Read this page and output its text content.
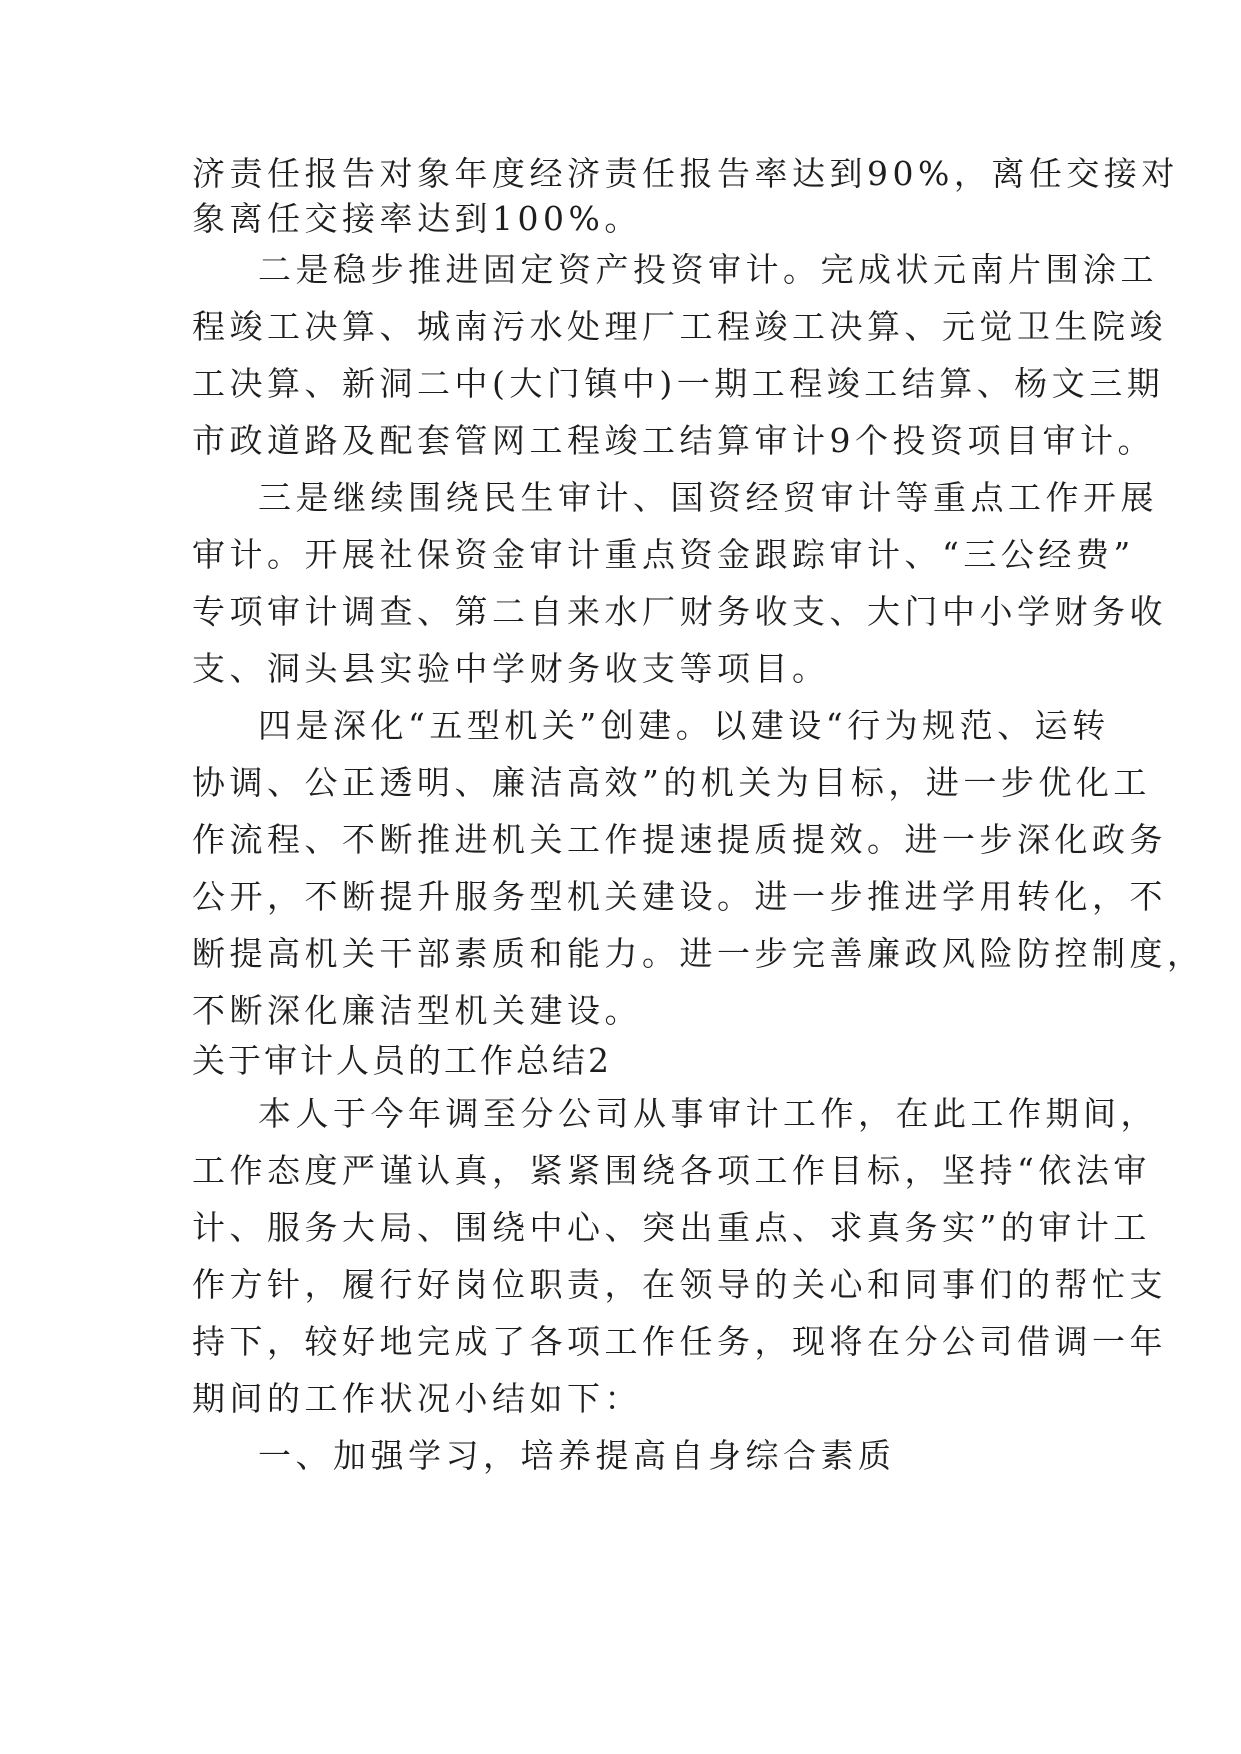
济责任报告对象年度经济责任报告率达到90%，离任交接对

象离任交接率达到100%。

二是稳步推进固定资产投资审计。完成状元南片围涂工

程竣工决算、城南污水处理厂工程竣工决算、元觉卫生院竣

工决算、新洞二中(大门镇中)一期工程竣工结算、杨文三期

市政道路及配套管网工程竣工结算审计9个投资项目审计。

三是继续围绕民生审计、国资经贸审计等重点工作开展

审计。开展社保资金审计重点资金跟踪审计、“三公经费”

专项审计调查、第二自来水厂财务收支、大门中小学财务收

支、洞头县实验中学财务收支等项目。

四是深化“五型机关”创建。以建设“行为规范、运转

协调、公正透明、廉洁高效”的机关为目标，进一步优化工

作流程、不断推进机关工作提速提质提效。进一步深化政务

公开，不断提升服务型机关建设。进一步推进学用转化，不

断提高机关干部素质和能力。进一步完善廉政风险防控制度，

不断深化廉洁型机关建设。

关于审计人员的工作总结2

本人于今年调至分公司从事审计工作，在此工作期间，

工作态度严谨认真，紧紧围绕各项工作目标，坚持“依法审

计、服务大局、围绕中心、突出重点、求真务实”的审计工

作方针，履行好岗位职责，在领导的关心和同事们的帮忙支

持下，较好地完成了各项工作任务，现将在分公司借调一年

期间的工作状况小结如下：

一、加强学习，培养提高自身综合素质
